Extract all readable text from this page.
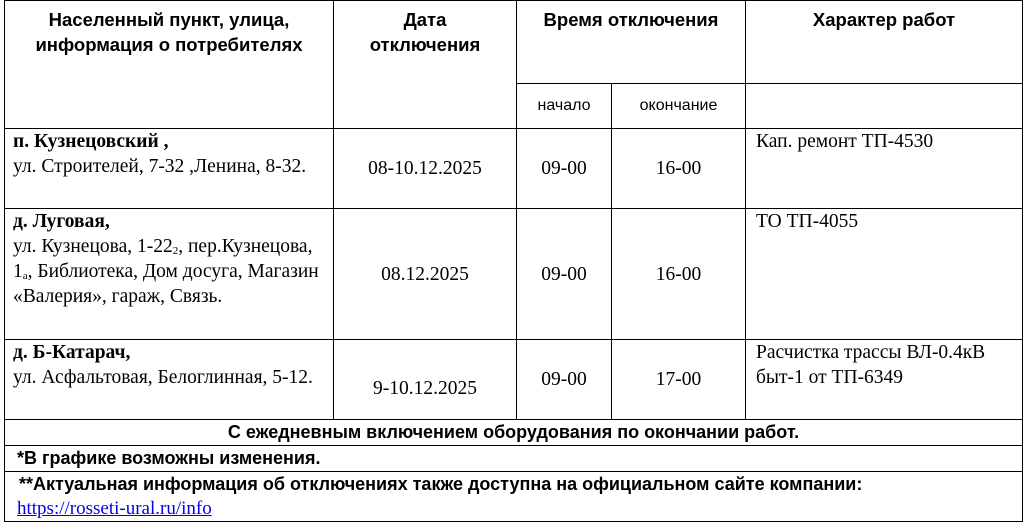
Населенный пункт, улица, информация о потребителях	Дата отключения	Время отключения		Характер работ
		начало	окончание	
п. Кузнецовский ,
ул. Строителей, 7-32 ,Ленина, 8-32.	08-10.12.2025	09-00	16-00	Кап. ремонт ТП-4530
д. Луговая,
ул. Кузнецова, $1-22_2$, пер.Кузнецова, $1_а$, Библиотека, Дом досуга, Магазин «Валерия», гараж, Связь.	08.12.2025	09-00	16-00	ТО ТП-4055
д. Б-Катарач,
ул. Асфальтовая, Белоглинная, 5-12.	9-10.12.2025	09-00	17-00	Расчистка трассы ВЛ-0.4кВ быт-1 от ТП-6349
С ежедневным включением оборудования по окончании работ.				
*В графике возможны изменения.				
**Актуальная информация об отключениях также доступна на официальном сайте компании:
https://rosseti-ural.ru/info				
